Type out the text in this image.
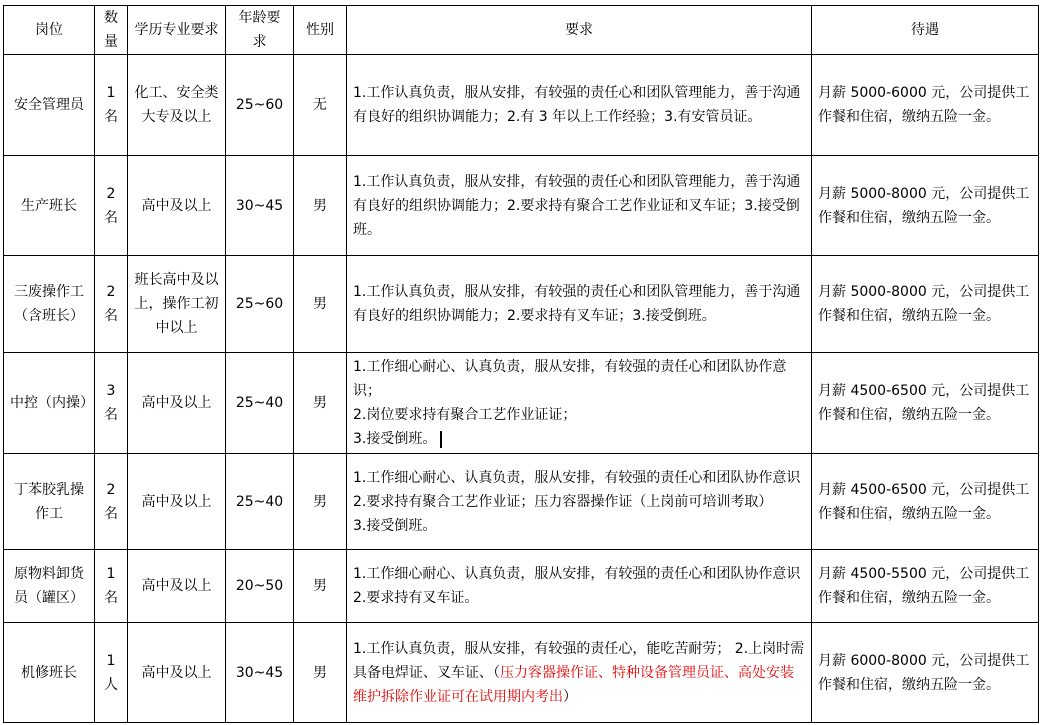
岗位	数量	学历专业要求	年龄要求	性别	要求	待遇
安全管理员	1名	化工、安全类大专及以上	25~60	无	1.工作认真负责，服从安排，有较强的责任心和团队管理能力，善于沟通有良好的组织协调能力；2.有 3 年以上工作经验；3.有安管员证。	月薪 5000-6000 元，公司提供工作餐和住宿，缴纳五险一金。
生产班长	2名	高中及以上	30~45	男	1.工作认真负责，服从安排，有较强的责任心和团队管理能力，善于沟通有良好的组织协调能力；2.要求持有聚合工艺作业证和叉车证；3.接受倒班。	月薪 5000-8000 元，公司提供工作餐和住宿，缴纳五险一金。
三废操作工（含班长）	2名	班长高中及以上，操作工初中以上	25~60	男	1.工作认真负责，服从安排，有较强的责任心和团队管理能力，善于沟通有良好的组织协调能力；2.要求持有叉车证；3.接受倒班。	月薪 5000-8000 元，公司提供工作餐和住宿，缴纳五险一金。
中控（内操）	3名	高中及以上	25~40	男	1.工作细心耐心、认真负责，服从安排，有较强的责任心和团队协作意识；
2.岗位要求持有聚合工艺作业证证；
3.接受倒班。	月薪 4500-6500 元，公司提供工作餐和住宿，缴纳五险一金。
丁苯胶乳操作工	2名	高中及以上	25~40	男	1.工作细心耐心、认真负责，服从安排，有较强的责任心和团队协作意识
2.要求持有聚合工艺作业证；压力容器操作证（上岗前可培训考取）
3.接受倒班。	月薪 4500-6500 元，公司提供工作餐和住宿，缴纳五险一金。
原物料卸货员（罐区）	1名	高中及以上	20~50	男	1.工作细心耐心、认真负责，服从安排，有较强的责任心和团队协作意识
2.要求持有叉车证。	月薪 4500-5500 元，公司提供工作餐和住宿，缴纳五险一金。
机修班长	1人	高中及以上	30~45	男	1.工作认真负责，服从安排，有较强的责任心，能吃苦耐劳； 2.上岗时需具备电焊证、叉车证、（压力容器操作证、特种设备管理员证、高处安装维护拆除作业证可在试用期内考出）	月薪 6000-8000 元，公司提供工作餐和住宿，缴纳五险一金。
